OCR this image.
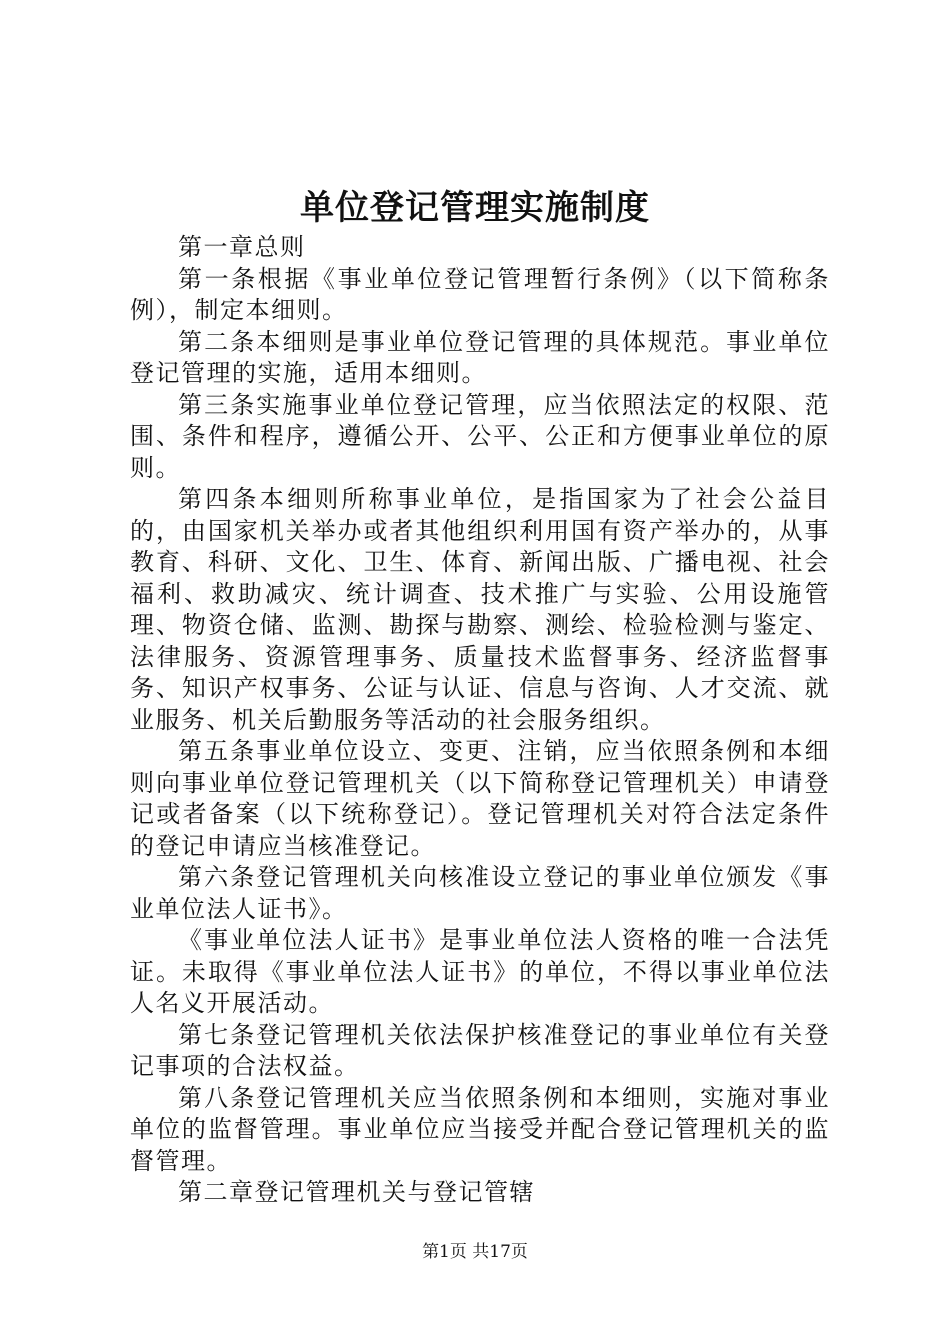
单位登记管理实施制度

第一章总则

第一条根据《事业单位登记管理暂行条例》（以下简称条例），制定本细则。

第二条本细则是事业单位登记管理的具体规范。事业单位登记管理的实施，适用本细则。

第三条实施事业单位登记管理，应当依照法定的权限、范围、条件和程序，遵循公开、公平、公正和方便事业单位的原则。

第四条本细则所称事业单位，是指国家为了社会公益目的，由国家机关举办或者其他组织利用国有资产举办的，从事教育、科研、文化、卫生、体育、新闻出版、广播电视、社会福利、救助减灾、统计调查、技术推广与实验、公用设施管理、物资仓储、监测、勘探与勘察、测绘、检验检测与鉴定、法律服务、资源管理事务、质量技术监督事务、经济监督事务、知识产权事务、公证与认证、信息与咨询、人才交流、就业服务、机关后勤服务等活动的社会服务组织。

第五条事业单位设立、变更、注销，应当依照条例和本细则向事业单位登记管理机关（以下简称登记管理机关）申请登记或者备案（以下统称登记）。登记管理机关对符合法定条件的登记申请应当核准登记。

第六条登记管理机关向核准设立登记的事业单位颁发《事业单位法人证书》。

《事业单位法人证书》是事业单位法人资格的唯一合法凭证。未取得《事业单位法人证书》的单位，不得以事业单位法人名义开展活动。

第七条登记管理机关依法保护核准登记的事业单位有关登记事项的合法权益。

第八条登记管理机关应当依照条例和本细则，实施对事业单位的监督管理。事业单位应当接受并配合登记管理机关的监督管理。

第二章登记管理机关与登记管辖

第1页 共17页
